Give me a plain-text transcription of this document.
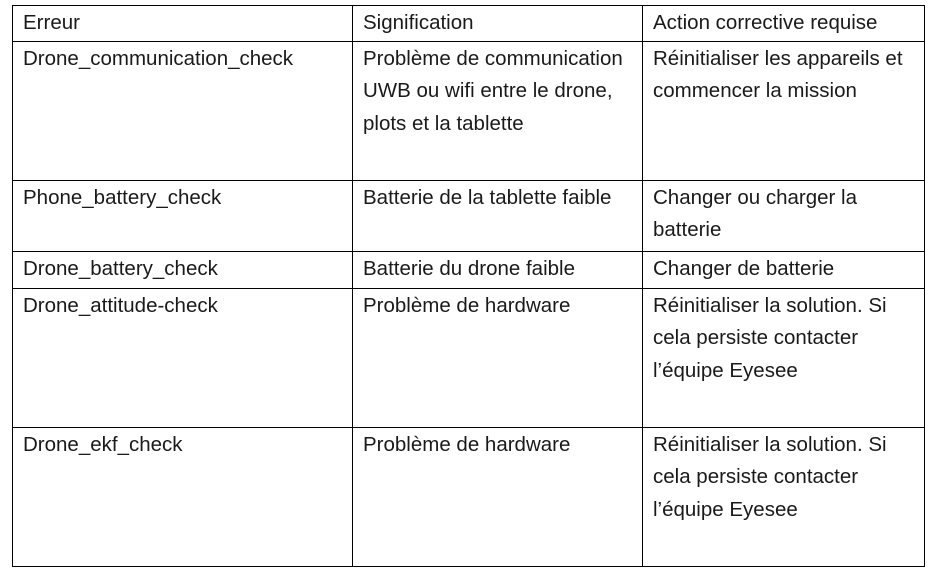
Erreur	Signification	Action corrective requise
Drone_communication_check	Problème de communication UWB ou wifi entre le drone, plots et la tablette	Réinitialiser les appareils et commencer la mission
Phone_battery_check	Batterie de la tablette faible	Changer ou charger la batterie
Drone_battery_check	Batterie du drone faible	Changer de batterie
Drone_attitude-check	Problème de hardware	Réinitialiser la solution. Si cela persiste contacter l’équipe Eyesee
Drone_ekf_check	Problème de hardware	Réinitialiser la solution. Si cela persiste contacter l’équipe Eyesee
